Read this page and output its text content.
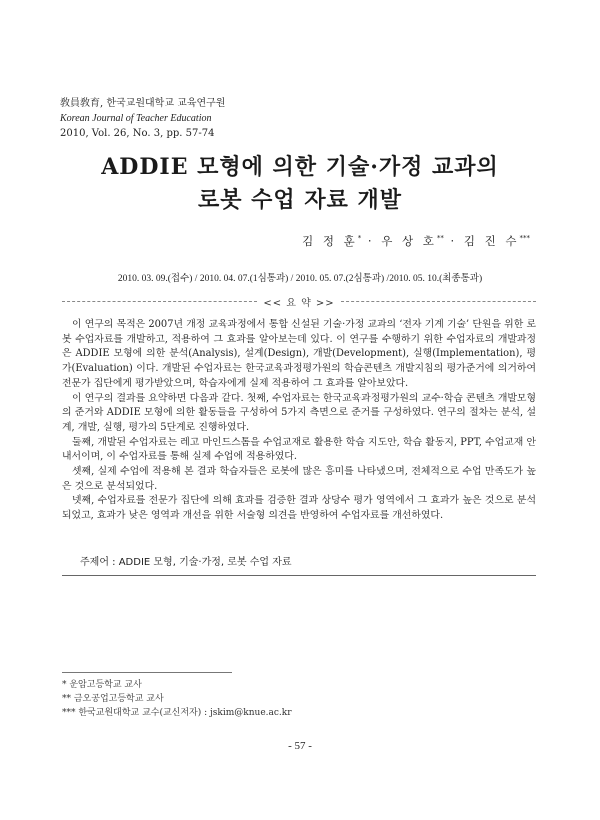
敎員敎育, 한국교원대학교 교육연구원
Korean Journal of Teacher Education
2010, Vol. 26, No. 3, pp. 57-74
ADDIE 모형에 의한 기술·가정 교과의
로봇 수업 자료 개발
김 정 훈* · 우 상 호** · 김 진 수***
2010. 03. 09.(접수) / 2010. 04. 07.(1심통과) / 2010. 05. 07.(2심통과) /2010. 05. 10.(최종통과)
<< 요 약 >>

이 연구의 목적은 2007년 개정 교육과정에서 통합 신설된 기술·가정 교과의 ‘전자 기계 기술’ 단원을 위한 로봇 수업자료를 개발하고, 적용하여 그 효과를 알아보는데 있다. 이 연구를 수행하기 위한 수업자료의 개발과정은 ADDIE 모형에 의한 분석(Analysis), 설계(Design), 개발(Development), 실행(Implementation), 평가(Evaluation) 이다. 개발된 수업자료는 한국교육과정평가원의 학습콘텐츠 개발지침의 평가준거에 의거하여 전문가 집단에게 평가받았으며, 학습자에게 실제 적용하여 그 효과를 알아보았다.

이 연구의 결과를 요약하면 다음과 같다. 첫째, 수업자료는 한국교육과정평가원의 교수·학습 콘텐츠 개발모형의 준거와 ADDIE 모형에 의한 활동들을 구성하여 5가지 측면으로 준거를 구성하였다. 연구의 절차는 분석, 설계, 개발, 실행, 평가의 5단계로 진행하였다.

둘째, 개발된 수업자료는 레고 마인드스톰을 수업교재로 활용한 학습 지도안, 학습 활동지, PPT, 수업교재 안내서이며, 이 수업자료를 통해 실제 수업에 적용하였다.

셋째, 실제 수업에 적용해 본 결과 학습자들은 로봇에 많은 흥미를 나타냈으며, 전체적으로 수업 만족도가 높은 것으로 분석되었다.

넷째, 수업자료를 전문가 집단에 의해 효과를 검증한 결과 상당수 평가 영역에서 그 효과가 높은 것으로 분석되었고, 효과가 낮은 영역과 개선을 위한 서술형 의견을 반영하여 수업자료를 개선하였다.

주제어 : ADDIE 모형, 기술·가정, 로봇 수업 자료
* 운암고등학교 교사
** 금오공업고등학교 교사
*** 한국교원대학교 교수(교신저자) : jskim@knue.ac.kr
- 57 -
